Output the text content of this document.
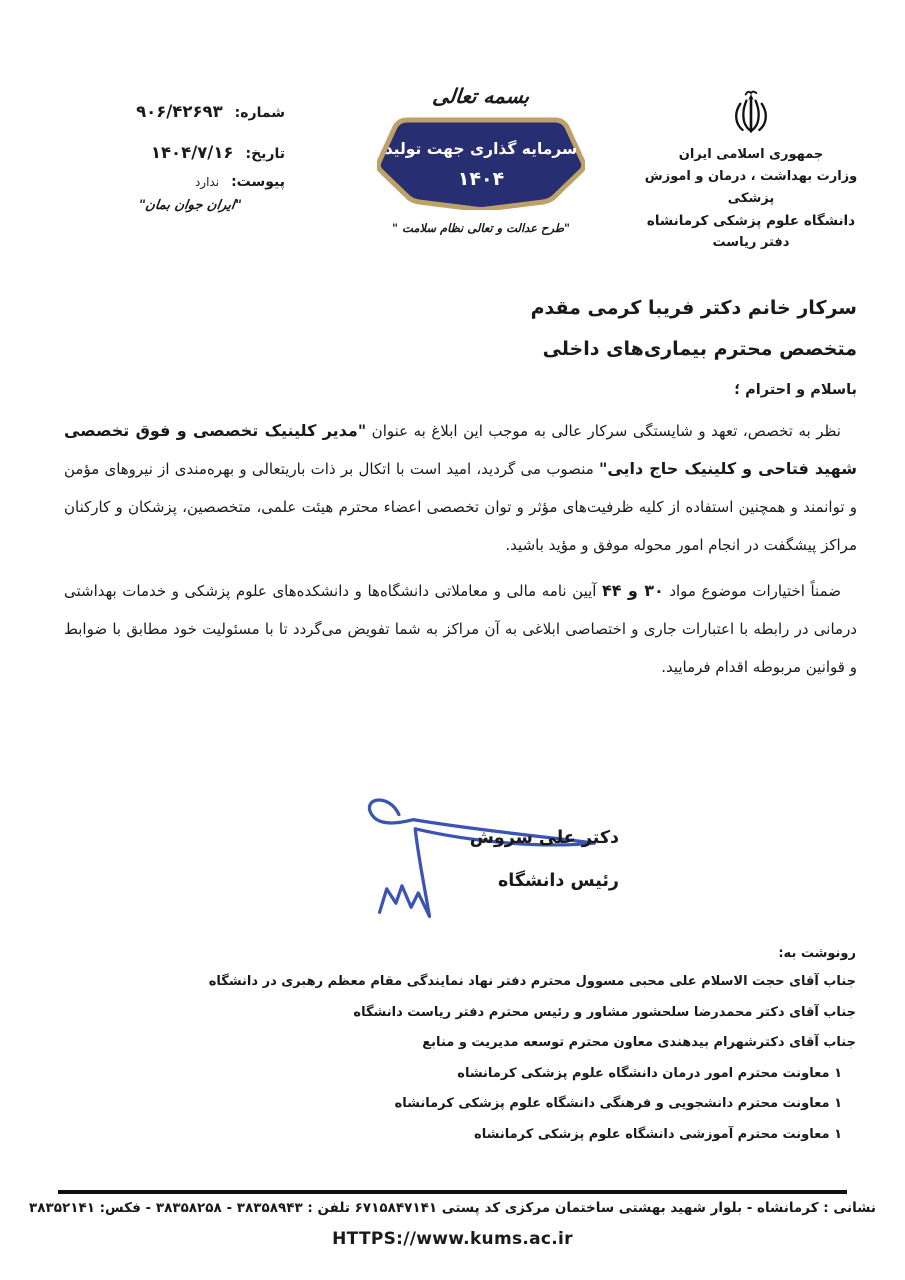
جمهوری اسلامی ایران
وزارت بهداشت ، درمان و اموزش پزشکی
دانشگاه علوم پزشکی کرمانشاه
دفتر ریاست
بسمه تعالی
سرمایه گذاری جهت تولید
۱۴۰۴
"طرح عدالت و تعالی نظام سلامت "
شماره:
۹۰۶/۴۲۶۹۳
تاریخ:
۱۴۰۴/۷/۱۶
پیوست:
ندارد
"ایران جوان بمان"
سرکار خانم دکتر فریبا کرمی مقدم
متخصص محترم بیماری‌های داخلی
باسلام و احترام ؛

نظر به تخصص، تعهد و شایستگی سرکار عالی به موجب این ابلاغ به عنوان "مدیر کلینیک تخصصی و فوق تخصصی شهید فتاحی و کلینیک حاج دایی" منصوب می گردید، امید است با اتکال بر ذات باریتعالی و بهره‌مندی از نیروهای مؤمن و توانمند و همچنین استفاده از کلیه ظرفیت‌های مؤثر و توان تخصصی اعضاء محترم هیئت علمی، متخصصین، پزشکان و کارکنان مراکز پیشگفت در انجام امور محوله موفق و مؤید باشید.

ضمناً اختیارات موضوع مواد ۳۰ و ۴۴ آیین نامه مالی و معاملاتی دانشگاه‌ها و دانشکده‌های علوم پزشکی و خدمات بهداشتی درمانی در رابطه با اعتبارات جاری و اختصاصی ابلاغی به آن مراکز به شما تفویض می‌گردد تا با مسئولیت خود مطابق با ضوابط و قوانین مربوطه اقدام فرمایید.

دکتر علی سروش
رئیس دانشگاه
رونوشت به:
جناب آقای حجت الاسلام علی محبی مسوول محترم دفتر نهاد نمایندگی مقام معظم رهبری در دانشگاه
جناب آقای دکتر محمدرضا سلحشور مشاور و رئیس محترم دفتر ریاست دانشگاه
جناب آقای دکترشهرام بیدهندی معاون محترم توسعه مدیریت و منابع
۱ معاونت محترم امور درمان دانشگاه علوم پزشکی کرمانشاه
۱ معاونت محترم دانشجویی و فرهنگی دانشگاه علوم پزشکی کرمانشاه
۱ معاونت محترم آموزشی دانشگاه علوم پزشکی کرمانشاه
نشانی : کرمانشاه - بلوار شهید بهشتی ساختمان مرکزی کد پستی ۶۷۱۵۸۴۷۱۴۱ تلفن : ۳۸۳۵۸۹۴۳ - ۳۸۳۵۸۲۵۸ - فکس: ۳۸۳۵۲۱۴۱
HTTPS://www.kums.ac.ir
